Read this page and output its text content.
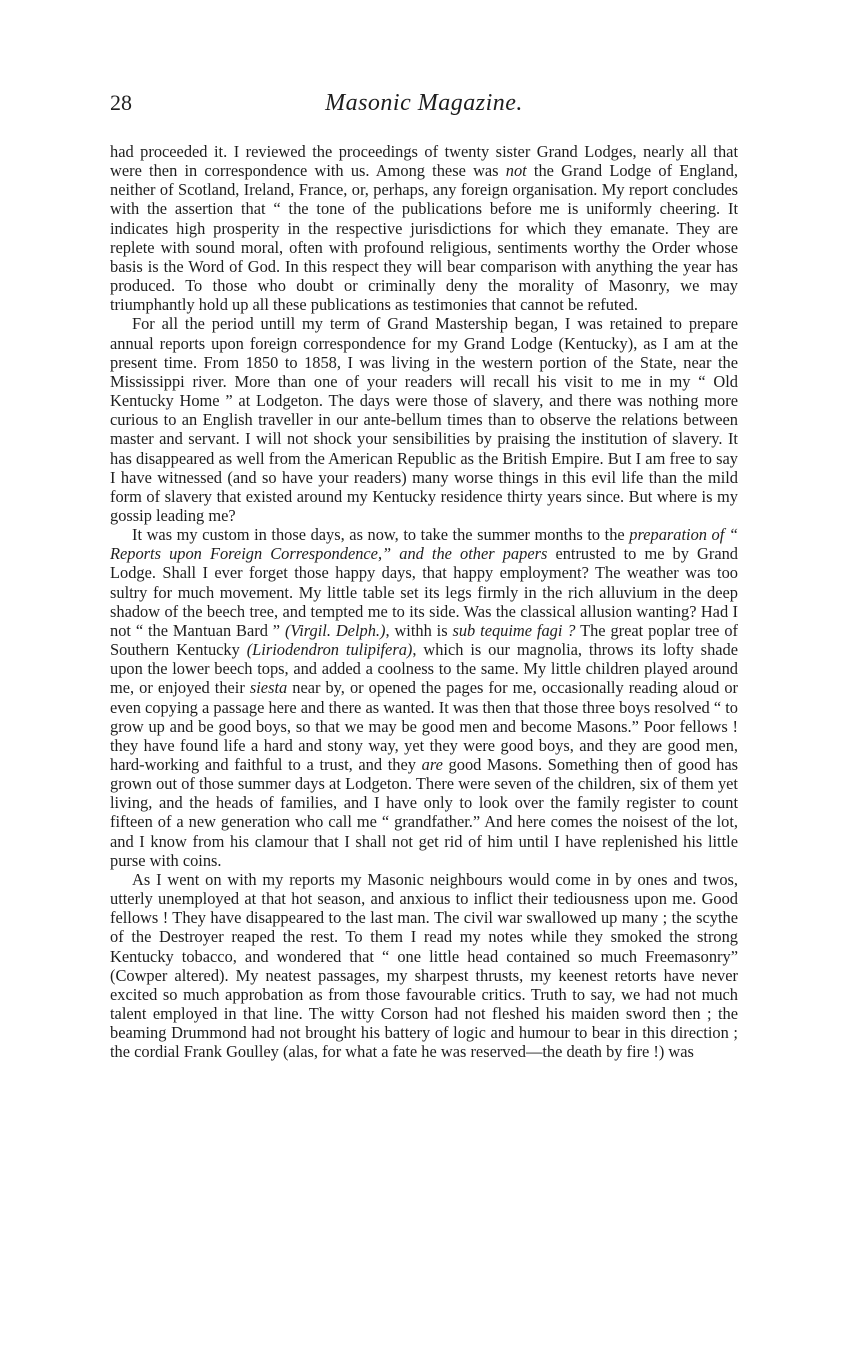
28	Masonic Magazine.

had proceeded it. I reviewed the proceedings of twenty sister Grand Lodges, nearly all that were then in correspondence with us. Among these was not the Grand Lodge of England, neither of Scotland, Ireland, France, or, perhaps, any foreign organisation. My report concludes with the assertion that “ the tone of the publications before me is uniformly cheering. It indicates high prosperity in the respective jurisdictions for which they emanate. They are replete with sound moral, often with profound religious, sentiments worthy the Order whose basis is the Word of God. In this respect they will bear comparison with anything the year has produced. To those who doubt or criminally deny the morality of Masonry, we may triumphantly hold up all these publications as testimonies that cannot be refuted.

For all the period untill my term of Grand Mastership began, I was retained to prepare annual reports upon foreign correspondence for my Grand Lodge (Kentucky), as I am at the present time. From 1850 to 1858, I was living in the western portion of the State, near the Mississippi river. More than one of your readers will recall his visit to me in my “ Old Kentucky Home ” at Lodgeton. The days were those of slavery, and there was nothing more curious to an English traveller in our ante-bellum times than to observe the relations between master and servant. I will not shock your sensibilities by praising the institution of slavery. It has disappeared as well from the American Republic as the British Empire. But I am free to say I have witnessed (and so have your readers) many worse things in this evil life than the mild form of slavery that existed around my Kentucky residence thirty years since. But where is my gossip leading me?

It was my custom in those days, as now, to take the summer months to the preparation of “ Reports upon Foreign Correspondence,” and the other papers entrusted to me by Grand Lodge. Shall I ever forget those happy days, that happy employment? The weather was too sultry for much movement. My little table set its legs firmly in the rich alluvium in the deep shadow of the beech tree, and tempted me to its side. Was the classical allusion wanting? Had I not “ the Mantuan Bard ” (Virgil. Delph.), withh is sub tequime fagi ? The great poplar tree of Southern Kentucky (Liriodendron tulipifera), which is our magnolia, throws its lofty shade upon the lower beech tops, and added a coolness to the same. My little children played around me, or enjoyed their siesta near by, or opened the pages for me, occasionally reading aloud or even copying a passage here and there as wanted. It was then that those three boys resolved “ to grow up and be good boys, so that we may be good men and become Masons.” Poor fellows ! they have found life a hard and stony way, yet they were good boys, and they are good men, hard-working and faithful to a trust, and they are good Masons. Something then of good has grown out of those summer days at Lodgeton. There were seven of the children, six of them yet living, and the heads of families, and I have only to look over the family register to count fifteen of a new generation who call me “ grandfather.” And here comes the noisest of the lot, and I know from his clamour that I shall not get rid of him until I have replenished his little purse with coins.

As I went on with my reports my Masonic neighbours would come in by ones and twos, utterly unemployed at that hot season, and anxious to inflict their tediousness upon me. Good fellows ! They have disappeared to the last man. The civil war swallowed up many ; the scythe of the Destroyer reaped the rest. To them I read my notes while they smoked the strong Kentucky tobacco, and wondered that “ one little head contained so much Freemasonry” (Cowper altered). My neatest passages, my sharpest thrusts, my keenest retorts have never excited so much approbation as from those favourable critics. Truth to say, we had not much talent employed in that line. The witty Corson had not fleshed his maiden sword then ; the beaming Drummond had not brought his battery of logic and humour to bear in this direction ; the cordial Frank Goulley (alas, for what a fate he was reserved—the death by fire !) was
